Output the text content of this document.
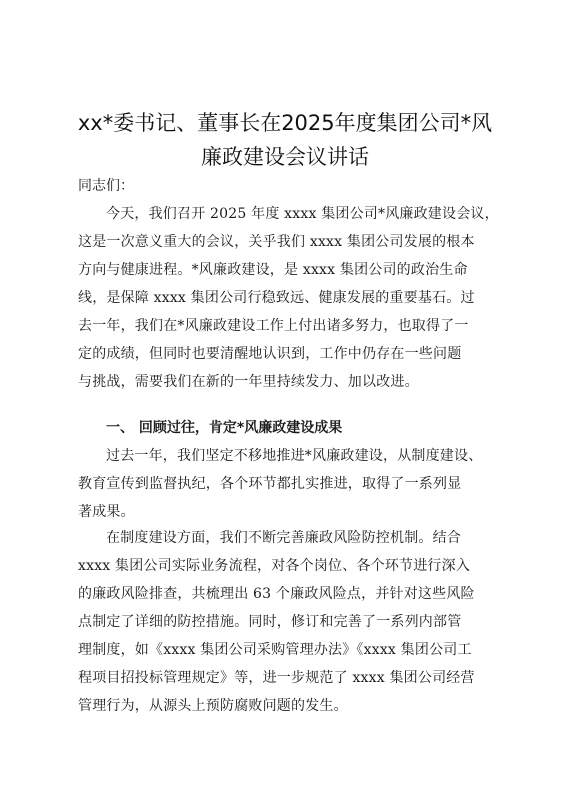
xx*委书记、董事长在2025年度集团公司*风
廉政建设会议讲话
同志们：
今天，我们召开 2025 年度 xxxx 集团公司*风廉政建设会议，
这是一次意义重大的会议，关乎我们 xxxx 集团公司发展的根本
方向与健康进程。*风廉政建设，是 xxxx 集团公司的政治生命
线，是保障 xxxx 集团公司行稳致远、健康发展的重要基石。过
去一年，我们在*风廉政建设工作上付出诸多努力，也取得了一
定的成绩，但同时也要清醒地认识到，工作中仍存在一些问题
与挑战，需要我们在新的一年里持续发力、加以改进。
一、 回顾过往，肯定*风廉政建设成果
过去一年，我们坚定不移地推进*风廉政建设，从制度建设、
教育宣传到监督执纪，各个环节都扎实推进，取得了一系列显
著成果。
在制度建设方面，我们不断完善廉政风险防控机制。结合
xxxx 集团公司实际业务流程，对各个岗位、各个环节进行深入
的廉政风险排查，共梳理出 63 个廉政风险点，并针对这些风险
点制定了详细的防控措施。同时，修订和完善了一系列内部管
理制度，如《xxxx 集团公司采购管理办法》《xxxx 集团公司工
程项目招投标管理规定》等，进一步规范了 xxxx 集团公司经营
管理行为，从源头上预防腐败问题的发生。
